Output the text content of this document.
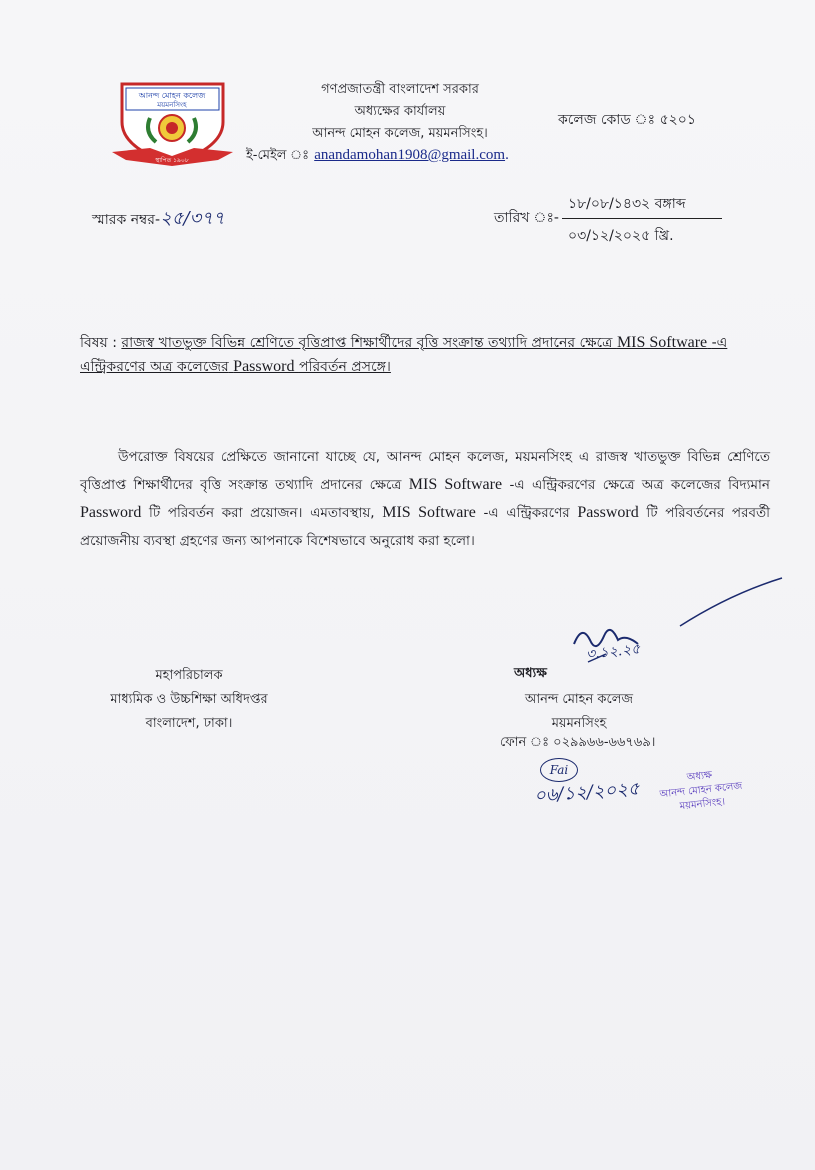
আনন্দ মোহন কলেজ
ময়মনসিংহ
স্থাপিত ১৯০৮
গণপ্রজাতন্ত্রী বাংলাদেশ সরকার
অধ্যক্ষের কার্যালয়
আনন্দ মোহন কলেজ, ময়মনসিংহ।
ই-মেইল ঃ anandamohan1908@gmail.com.
কলেজ কোড ঃ ৫২০১
স্মারক নম্বর-২৫/৩৭৭	তারিখ ঃ-
১৮/০৮/১৪৩২ বঙ্গাব্দ
০৩/১২/২০২৫ খ্রি.
বিষয় : রাজস্ব খাতভুক্ত বিভিন্ন শ্রেণিতে বৃত্তিপ্রাপ্ত শিক্ষার্থীদের বৃত্তি সংক্রান্ত তথ্যাদি প্রদানের ক্ষেত্রে MIS Software -এ এন্ট্রিকরণের অত্র কলেজের Password পরিবর্তন প্রসঙ্গে।
উপরোক্ত বিষয়ের প্রেক্ষিতে জানানো যাচ্ছে যে, আনন্দ মোহন কলেজ, ময়মনসিংহ এ রাজস্ব খাতভুক্ত বিভিন্ন শ্রেণিতে বৃত্তিপ্রাপ্ত শিক্ষার্থীদের বৃত্তি সংক্রান্ত তথ্যাদি প্রদানের ক্ষেত্রে MIS Software -এ এন্ট্রিকরণের ক্ষেত্রে অত্র কলেজের বিদ্যমান Password টি পরিবর্তন করা প্রয়োজন। এমতাবস্থায়, MIS Software -এ এন্ট্রিকরণের Password টি পরিবর্তনের পরবর্তী প্রয়োজনীয় ব্যবস্থা গ্রহণের জন্য আপনাকে বিশেষভাবে অনুরোধ করা হলো।
মহাপরিচালক
মাধ্যমিক ও উচ্চশিক্ষা অধিদপ্তর
বাংলাদেশ, ঢাকা।
৩.১২.২৫
অধ্যক্ষ
আনন্দ মোহন কলেজ
ময়মনসিংহ
ফোন ঃ ০২৯৯৬৬-৬৬৭৬৯।
Fai
০৬/১২/২০২৫
অধ্যক্ষ
আনন্দ মোহন কলেজ
ময়মনসিংহ।
